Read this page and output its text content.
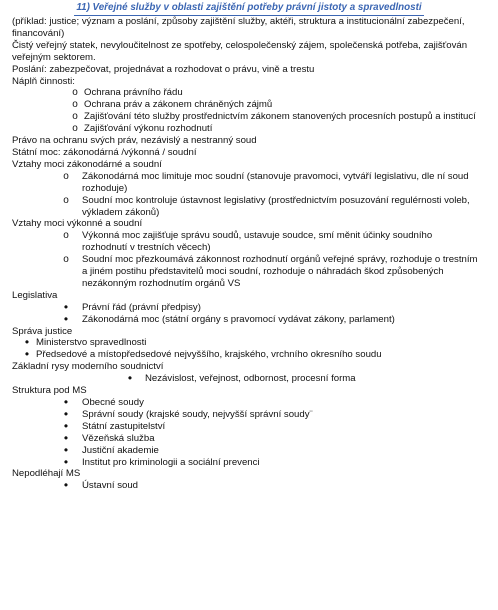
11) Veřejné služby v oblasti zajištění potřeby právní jistoty a spravedlnosti
(příklad: justice; význam a poslání, způsoby zajištění služby, aktéři, struktura a institucionální zabezpečení, financování)
Čistý veřejný statek, nevyloučitelnost ze spotřeby, celospolečenský zájem, společenská potřeba, zajišťován veřejným sektorem.
Poslání: zabezpečovat, projednávat a rozhodovat o právu, vině a trestu
Náplň činnosti:
o Ochrana právního řádu
o Ochrana práv a zákonem chráněných zájmů
o Zajišťování této služby prostřednictvím zákonem stanovených procesních postupů a institucí
o Zajišťování výkonu rozhodnutí
Právo na ochranu svých práv, nezávislý a nestranný soud
Státní moc: zákonodárná /výkonná / soudní
Vztahy moci zákonodárné a soudní
o Zákonodárná moc limituje moc soudní (stanovuje pravomoci, vytváří legislativu, dle ní soud rozhoduje)
o Soudní moc kontroluje ústavnost legislativy (prostřednictvím posuzování regulérnosti voleb, výkladem zákonů)
Vztahy moci výkonné a soudní
o Výkonná moc zajišťuje správu soudů, ustavuje soudce, smí měnit účinky soudního rozhodnutí v trestních věcech)
o Soudní moc přezkoumává zákonnost rozhodnutí orgánů veřejné správy, rozhoduje o trestním a jiném postihu představitelů moci soudní, rozhoduje o náhradách škod způsobených nezákonným rozhodnutím orgánů VS
Legislativa
•	Právní řád (právní předpisy)
•	Zákonodárná moc (státní orgány s pravomocí vydávat zákony, parlament)
Správa justice
• Ministerstvo spravedlnosti
• Předsedové a místopředsedové nejvyššího, krajského, vrchního okresního soudu
Základní rysy moderního soudnictví
•	Nezávislost, veřejnost, odbornost, procesní forma
Struktura pod MS
•	Obecné soudy
•	Správní soudy (krajské soudy, nejvyšší správní soudy¨
•	Státní zastupitelství
•	Vězeňská služba
•	Justiční akademie
•	Institut pro kriminologii a sociální prevenci
Nepodléhají MS
•	Ústavní soud
